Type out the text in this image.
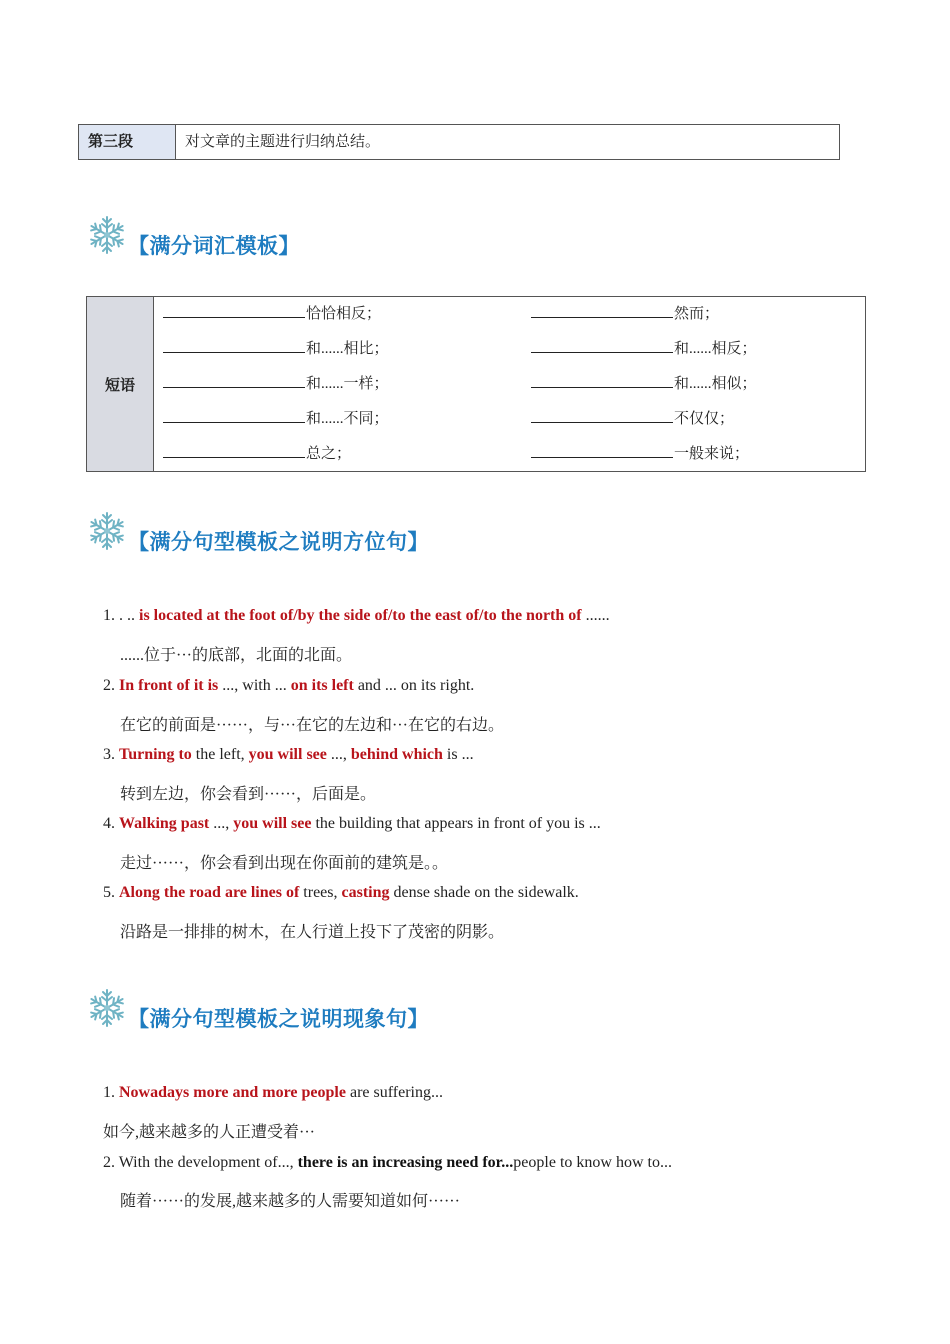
第三段	对文章的主题进行归纳总结。
【满分词汇模板】
短语
恰恰相反；	然而；
和......相比；	和......相反；
和......一样；	和......相似；
和......不同；	不仅仅；
总之；	一般来说；
【满分句型模板之说明方位句】
1. . .. is located at the foot of/by the side of/to the east of/to the north of ......
......位于···的底部，北面的北面。
2. In front of it is ..., with ... on its left and ... on its right.
在它的前面是······，与···在它的左边和···在它的右边。
3. Turning to the left, you will see ..., behind which is ...
转到左边，你会看到······，后面是。
4. Walking past ..., you will see the building that appears in front of you is ...
走过······，你会看到出现在你面前的建筑是。。
5. Along the road are lines of trees, casting dense shade on the sidewalk.
沿路是一排排的树木，在人行道上投下了茂密的阴影。
【满分句型模板之说明现象句】
1. Nowadays more and more people are suffering...
如今,越来越多的人正遭受着···
2. With the development of..., there is an increasing need for...people to know how to...
随着······的发展,越来越多的人需要知道如何······
